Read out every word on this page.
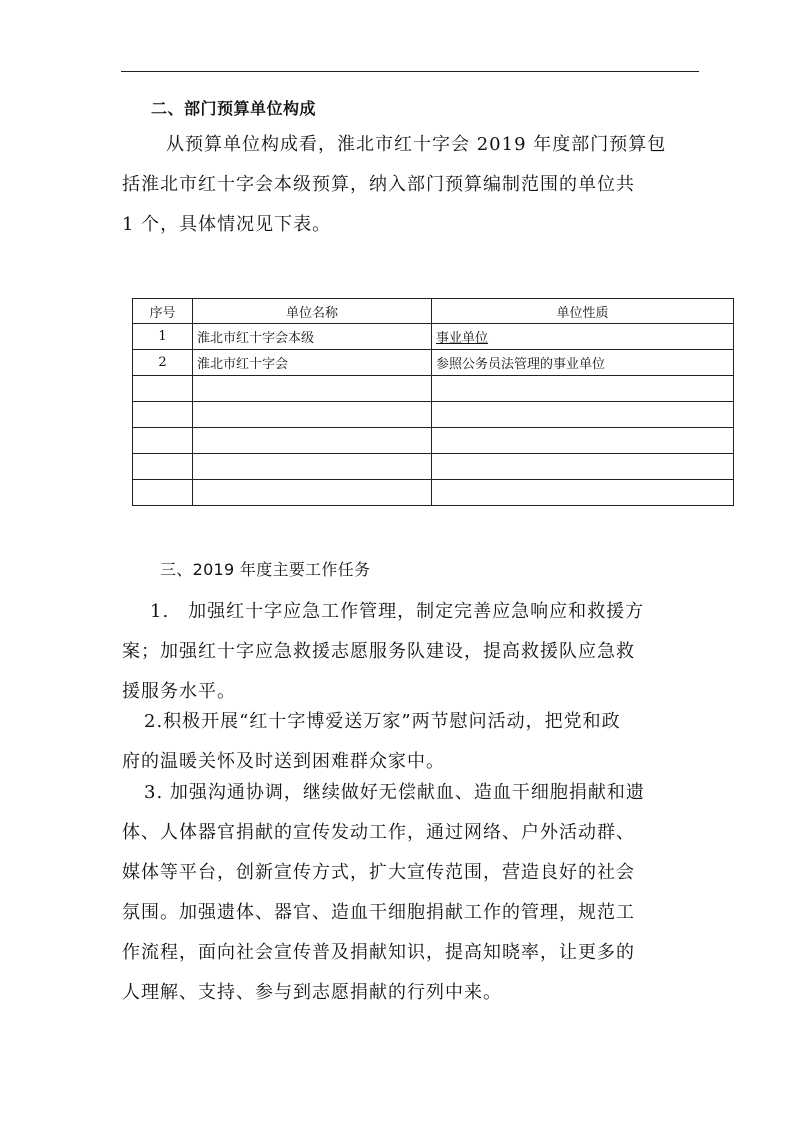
二、部门预算单位构成
从预算单位构成看，淮北市红十字会 2019 年度部门预算包
括淮北市红十字会本级预算，纳入部门预算编制范围的单位共
1 个，具体情况见下表。
序号	单位名称	单位性质
1	淮北市红十字会本级	事业单位
2	淮北市红十字会	参照公务员法管理的事业单位

三、2019 年度主要工作任务
1.　加强红十字应急工作管理，制定完善应急响应和救援方
案；加强红十字应急救援志愿服务队建设，提高救援队应急救
援服务水平。
2.积极开展“红十字博爱送万家”两节慰问活动，把党和政
府的温暖关怀及时送到困难群众家中。
3. 加强沟通协调，继续做好无偿献血、造血干细胞捐献和遗
体、人体器官捐献的宣传发动工作，通过网络、户外活动群、
媒体等平台，创新宣传方式，扩大宣传范围，营造良好的社会
氛围。加强遗体、器官、造血干细胞捐献工作的管理，规范工
作流程，面向社会宣传普及捐献知识，提高知晓率，让更多的
人理解、支持、参与到志愿捐献的行列中来。
